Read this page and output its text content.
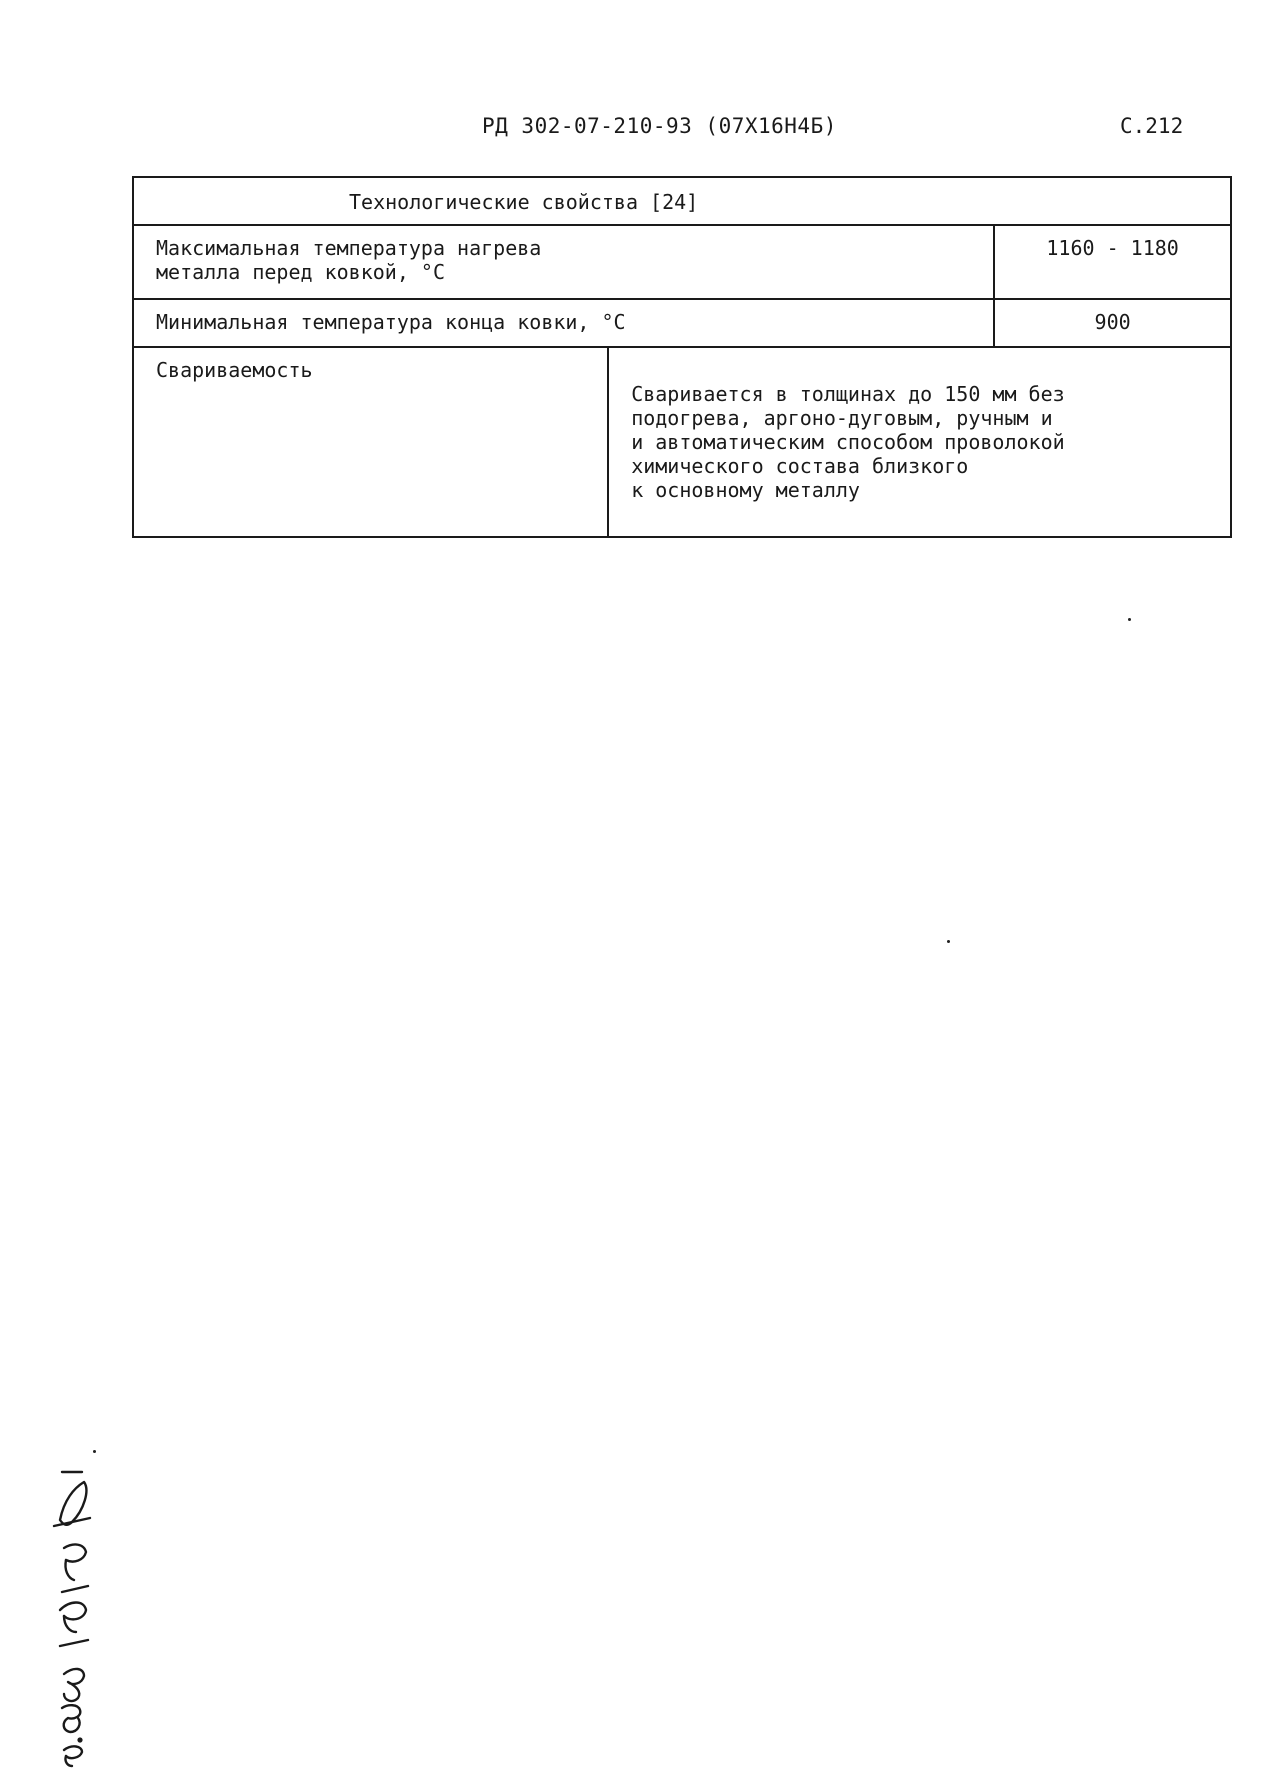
РД 302-07-210-93 (07Х16Н4Б)	С.212
Технологические свойства [24]		
Максимальная температура нагрева
металла перед ковкой, °С		1160 - 1180
Минимальная температура конца ковки, °С		900
Свариваемость	Сваривается в толщинах до 150 мм без
подогрева, аргоно-дуговым, ручным и
и автоматическим способом проволокой
химического состава близкого
к основному металлу	
